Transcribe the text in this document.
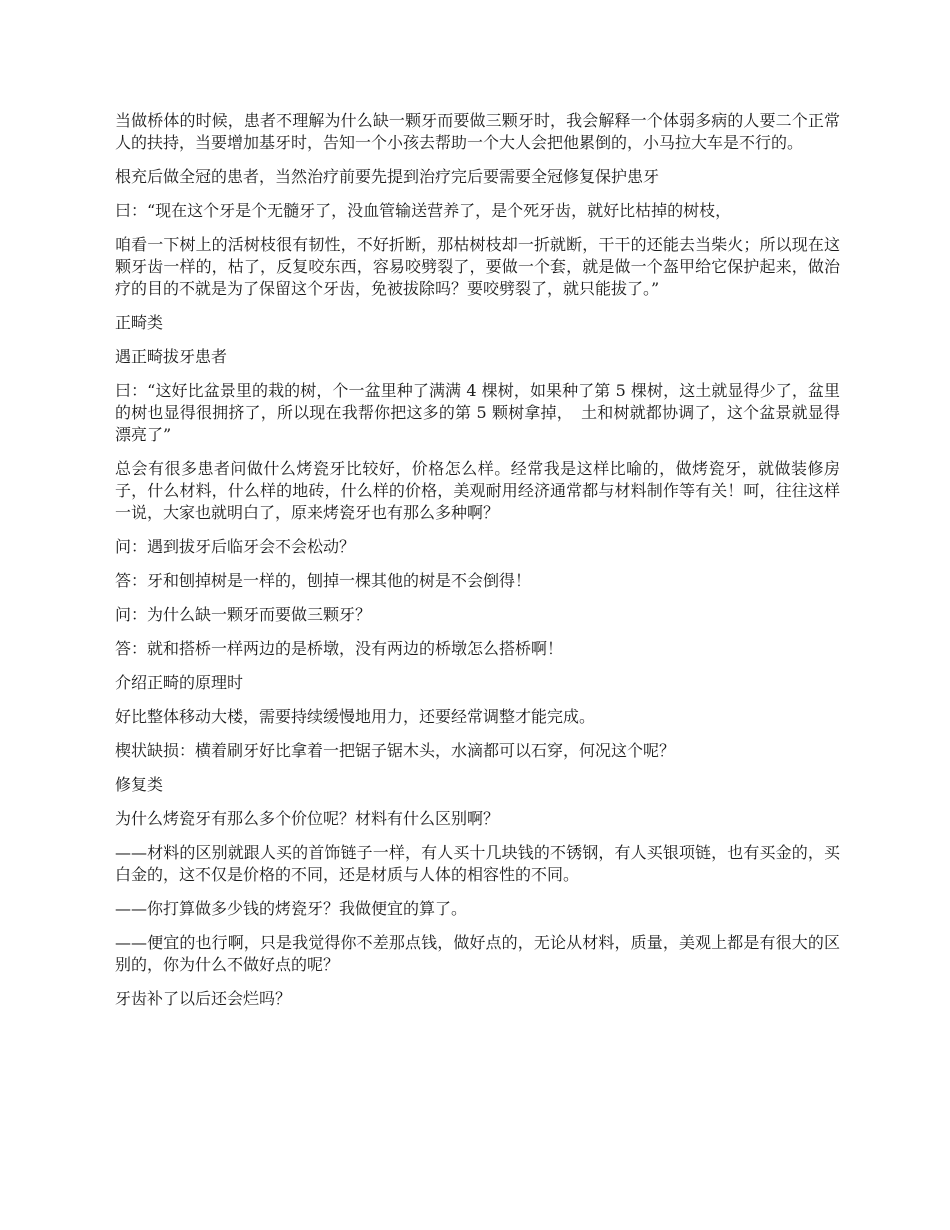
当做桥体的时候，患者不理解为什么缺一颗牙而要做三颗牙时，我会解释一个体弱多病的人要二个正常人的扶持，当要增加基牙时，告知一个小孩去帮助一个大人会把他累倒的，小马拉大车是不行的。

根充后做全冠的患者，当然治疗前要先提到治疗完后要需要全冠修复保护患牙

曰：“现在这个牙是个无髓牙了，没血管输送营养了，是个死牙齿，就好比枯掉的树枝，

咱看一下树上的活树枝很有韧性，不好折断，那枯树枝却一折就断，干干的还能去当柴火；所以现在这颗牙齿一样的，枯了，反复咬东西，容易咬劈裂了，要做一个套，就是做一个盔甲给它保护起来，做治疗的目的不就是为了保留这个牙齿，免被拔除吗？要咬劈裂了，就只能拔了。”

正畸类

遇正畸拔牙患者

曰：“这好比盆景里的栽的树，个一盆里种了满满 4 棵树，如果种了第 5 棵树，这土就显得少了，盆里的树也显得很拥挤了，所以现在我帮你把这多的第 5 颗树拿掉，　土和树就都协调了，这个盆景就显得漂亮了”

总会有很多患者问做什么烤瓷牙比较好，价格怎么样。经常我是这样比喻的，做烤瓷牙，就做装修房子，什么材料，什么样的地砖，什么样的价格，美观耐用经济通常都与材料制作等有关！呵，往往这样一说，大家也就明白了，原来烤瓷牙也有那么多种啊？

问：遇到拔牙后临牙会不会松动？

答：牙和刨掉树是一样的，刨掉一棵其他的树是不会倒得！

问：为什么缺一颗牙而要做三颗牙？

答：就和搭桥一样两边的是桥墩，没有两边的桥墩怎么搭桥啊！

介绍正畸的原理时

好比整体移动大楼，需要持续缓慢地用力，还要经常调整才能完成。

楔状缺损：横着刷牙好比拿着一把锯子锯木头，水滴都可以石穿，何况这个呢？

修复类

为什么烤瓷牙有那么多个价位呢？材料有什么区别啊？

——材料的区别就跟人买的首饰链子一样，有人买十几块钱的不锈钢，有人买银项链，也有买金的，买白金的，这不仅是价格的不同，还是材质与人体的相容性的不同。

——你打算做多少钱的烤瓷牙？我做便宜的算了。

——便宜的也行啊，只是我觉得你不差那点钱，做好点的，无论从材料，质量，美观上都是有很大的区别的，你为什么不做好点的呢？

牙齿补了以后还会烂吗？
